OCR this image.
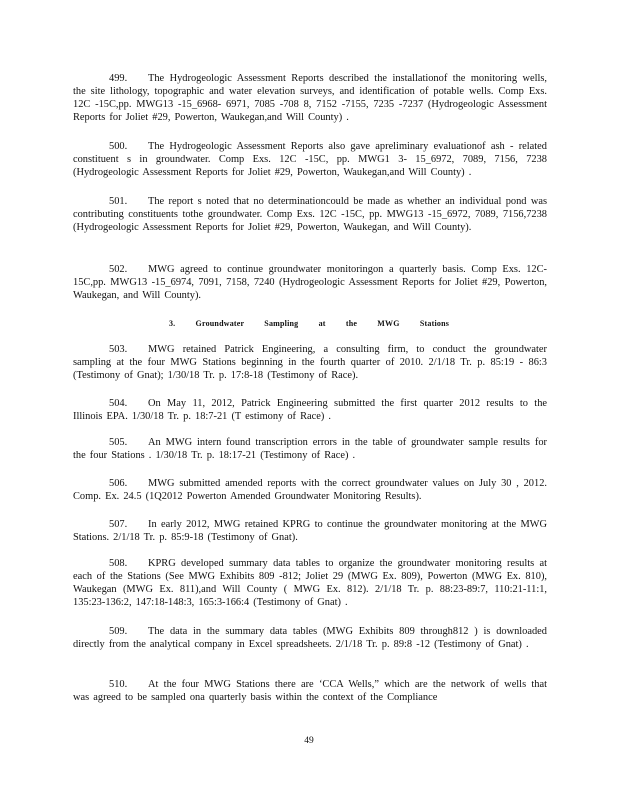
499. The Hydrogeologic Assessment Reports described the installationof the monitoring wells, the site lithology, topographic and water elevation surveys, and identification of potable wells. Comp Exs. 12C -15C,pp. MWG13 -15_6968- 6971, 7085 -708 8, 7152 -7155, 7235 -7237 (Hydrogeologic Assessment Reports for Joliet #29, Powerton, Waukegan,and Will County) .

500. The Hydrogeologic Assessment Reports also gave apreliminary evaluationof ash - related constituent s in groundwater. Comp Exs. 12C -15C, pp. MWG1 3- 15_6972, 7089, 7156, 7238 (Hydrogeologic Assessment Reports for Joliet #29, Powerton, Waukegan,and Will County) .

501. The report s noted that no determinationcould be made as whether an individual pond was contributing constituents tothe groundwater. Comp Exs. 12C -15C, pp. MWG13 -15_6972, 7089, 7156,7238 (Hydrogeologic Assessment Reports for Joliet #29, Powerton, Waukegan, and Will County).

502. MWG agreed to continue groundwater monitoringon a quarterly basis. Comp Exs. 12C-15C,pp. MWG13 -15_6974, 7091, 7158, 7240 (Hydrogeologic Assessment Reports for Joliet #29, Powerton, Waukegan, and Will County).

3. Groundwater Sampling at the MWG Stations

503. MWG retained Patrick Engineering, a consulting firm, to conduct the groundwater sampling at the four MWG Stations beginning in the fourth quarter of 2010. 2/1/18 Tr. p. 85:19 - 86:3 (Testimony of Gnat); 1/30/18 Tr. p. 17:8-18 (Testimony of Race).

504. On May 11, 2012, Patrick Engineering submitted the first quarter 2012 results to the Illinois EPA. 1/30/18 Tr. p. 18:7-21 (T estimony of Race) .

505. An MWG intern found transcription errors in the table of groundwater sample results for the four Stations . 1/30/18 Tr. p. 18:17-21 (Testimony of Race) .

506. MWG submitted amended reports with the correct groundwater values on July 30 , 2012. Comp. Ex. 24.5 (1Q2012 Powerton Amended Groundwater Monitoring Results).

507. In early 2012, MWG retained KPRG to continue the groundwater monitoring at the MWG Stations. 2/1/18 Tr. p. 85:9-18 (Testimony of Gnat).

508. KPRG developed summary data tables to organize the groundwater monitoring results at each of the Stations (See MWG Exhibits 809 -812; Joliet 29 (MWG Ex. 809), Powerton (MWG Ex. 810), Waukegan (MWG Ex. 811),and Will County ( MWG Ex. 812). 2/1/18 Tr. p. 88:23-89:7, 110:21-11:1, 135:23-136:2, 147:18-148:3, 165:3-166:4 (Testimony of Gnat) .

509. The data in the summary data tables (MWG Exhibits 809 through812 ) is downloaded directly from the analytical company in Excel spreadsheets. 2/1/18 Tr. p. 89:8 -12 (Testimony of Gnat) .

510. At the four MWG Stations there are ‘CCA Wells,” which are the network of wells that was agreed to be sampled ona quarterly basis within the context of the Compliance

49
